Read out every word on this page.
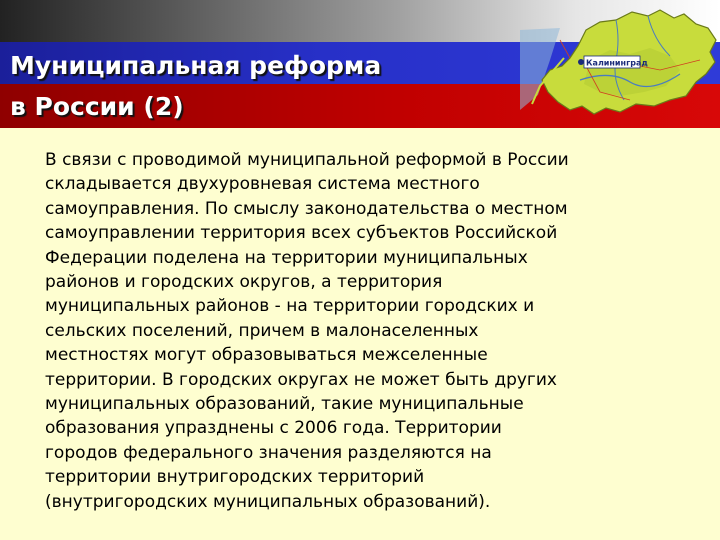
Муниципальная реформа
в России (2)
Калининград

В связи с проводимой муниципальной реформой в России
складывается двухуровневая система местного
самоуправления. По смыслу законодательства о местном
самоуправлении территория всех субъектов Российской
Федерации поделена на территории муниципальных
районов и городских округов, а территория
муниципальных районов - на территории городских и
сельских поселений, причем в малонаселенных
местностях могут образовываться межселенные
территории. В городских округах не может быть других
муниципальных образований, такие муниципальные
образования упразднены с 2006 года. Территории
городов федерального значения разделяются на
территории внутригородских территорий
(внутригородских муниципальных образований).
